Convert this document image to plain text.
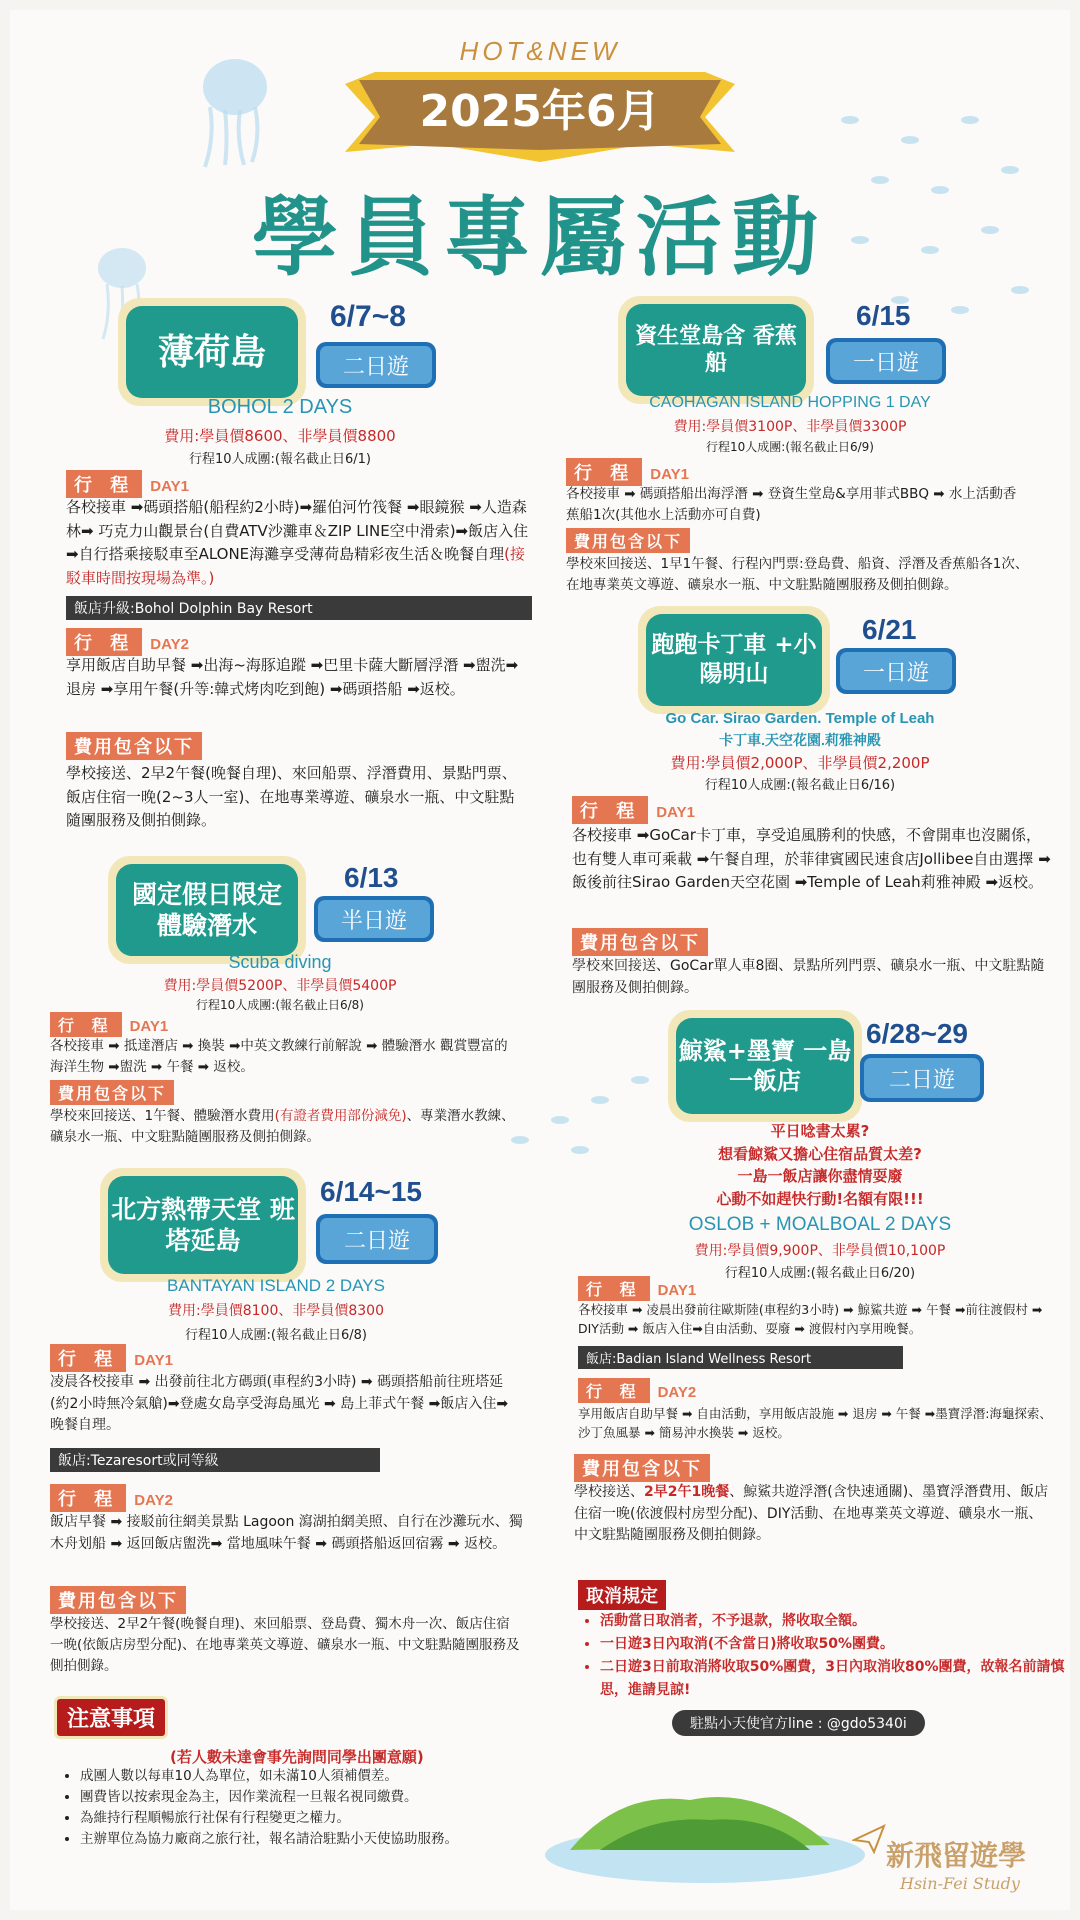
HOT&NEW
2025年6月
學員專屬活動
薄荷島
6/7~8
二日遊
BOHOL 2 DAYS
費用:學員價8600、非學員價8800
行程10人成團:(報名截止日6/1)
行 程 DAY1
各校接車 ➡碼頭搭船(船程約2小時)➡羅伯河竹筏餐 ➡眼鏡猴 ➡人造森林➡ 巧克力山觀景台(自費ATV沙灘車＆ZIP LINE空中滑索)➡飯店入住 ➡自行搭乘接駁車至ALONE海灘享受薄荷島精彩夜生活＆晚餐自理(接駁車時間按現場為準。)
飯店升級:Bohol Dolphin Bay Resort
行 程 DAY2
享用飯店自助早餐 ➡出海~海豚追蹤 ➡巴里卡薩大斷層浮潛 ➡盥洗➡ 退房 ➡享用午餐(升等:韓式烤肉吃到飽) ➡碼頭搭船 ➡返校。
費用包含以下
學校接送、2早2午餐(晚餐自理)、來回船票、浮潛費用、景點門票、飯店住宿一晚(2~3人一室)、在地專業導遊、礦泉水一瓶、中文駐點隨團服務及側拍側錄。
國定假日限定 體驗潛水
6/13
半日遊
Scuba diving
費用:學員價5200P、非學員價5400P
行程10人成團:(報名截止日6/8)
行 程 DAY1
各校接車 ➡ 抵達潛店 ➡ 換裝 ➡中英文教練行前解說 ➡ 體驗潛水 觀賞豐富的海洋生物 ➡盥洗 ➡ 午餐 ➡ 返校。
費用包含以下
學校來回接送、1午餐、體驗潛水費用(有證者費用部份減免)、專業潛水教練、礦泉水一瓶、中文駐點隨團服務及側拍側錄。
北方熱帶天堂 班塔延島
6/14~15
二日遊
BANTAYAN ISLAND 2 DAYS
費用:學員價8100、非學員價8300
行程10人成團:(報名截止日6/8)
行 程 DAY1
凌晨各校接車 ➡ 出發前往北方碼頭(車程約3小時) ➡ 碼頭搭船前往班塔延(約2小時無冷氣艙)➡登處女島享受海島風光 ➡ 島上菲式午餐 ➡飯店入住➡ 晚餐自理。
飯店:Tezaresort或同等級
行 程 DAY2
飯店早餐 ➡ 接駁前往網美景點 Lagoon 瀉湖拍網美照、自行在沙灘玩水、獨木舟划船 ➡ 返回飯店盥洗➡ 當地風味午餐 ➡ 碼頭搭船返回宿霧 ➡ 返校。
費用包含以下
學校接送、2早2午餐(晚餐自理)、來回船票、登島費、獨木舟一次、飯店住宿一晚(依飯店房型分配)、在地專業英文導遊、礦泉水一瓶、中文駐點隨團服務及側拍側錄。
注意事項
(若人數未達會事先詢問同學出團意願)
• 成團人數以每車10人為單位，如未滿10人須補價差。
• 團費皆以按索現金為主，因作業流程一旦報名視同繳費。
• 為維持行程順暢旅行社保有行程變更之權力。
• 主辦單位為協力廠商之旅行社，報名請洽駐點小天使協助服務。
資生堂島含 香蕉船
6/15
一日遊
CAOHAGAN ISLAND HOPPING 1 DAY
費用:學員價3100P、非學員價3300P
行程10人成團:(報名截止日6/9)
行 程 DAY1
各校接車 ➡ 碼頭搭船出海浮潛 ➡ 登資生堂島&享用菲式BBQ ➡ 水上活動香蕉船1次(其他水上活動亦可自費)
費用包含以下
學校來回接送、1早1午餐、行程內門票:登島費、船資、浮潛及香蕉船各1次、在地專業英文導遊、礦泉水一瓶、中文駐點隨團服務及側拍側錄。
跑跑卡丁車 +小陽明山
6/21
一日遊
Go Car. Sirao Garden. Temple of Leah
卡丁車.天空花園.莉雅神殿
費用:學員價2,000P、非學員價2,200P
行程10人成團:(報名截止日6/16)
行 程 DAY1
各校接車 ➡GoCar卡丁車，享受追風勝利的快感，不會開車也沒關係，也有雙人車可乘載 ➡午餐自理，於菲律賓國民速食店Jollibee自由選擇 ➡飯後前往Sirao Garden天空花園 ➡Temple of Leah莉雅神殿 ➡返校。
費用包含以下
學校來回接送、GoCar單人車8圈、景點所列門票、礦泉水一瓶、中文駐點隨團服務及側拍側錄。
鯨鯊+墨寶 一島一飯店
6/28~29
二日遊
平日唸書太累?
想看鯨鯊又擔心住宿品質太差?
一島一飯店讓你盡情耍廢
心動不如趕快行動!名額有限!!!
OSLOB + MOALBOAL 2 DAYS
費用:學員價9,900P、非學員價10,100P
行程10人成團:(報名截止日6/20)
行 程 DAY1
各校接車 ➡ 凌晨出發前往歐斯陸(車程約3小時) ➡ 鯨鯊共遊 ➡ 午餐 ➡前往渡假村 ➡ DIY活動 ➡ 飯店入住➡自由活動、耍廢 ➡ 渡假村內享用晚餐。
飯店:Badian Island Wellness Resort
行 程 DAY2
享用飯店自助早餐 ➡ 自由活動，享用飯店設施 ➡ 退房 ➡ 午餐 ➡墨寶浮潛:海龜探索、沙丁魚風暴 ➡ 簡易沖水換裝 ➡ 返校。
費用包含以下
學校接送、2早2午1晚餐、鯨鯊共遊浮潛(含快速通關)、墨寶浮潛費用、飯店住宿一晚(依渡假村房型分配)、DIY活動、在地專業英文導遊、礦泉水一瓶、中文駐點隨團服務及側拍側錄。
取消規定
• 活動當日取消者，不予退款，將收取全額。
• 一日遊3日內取消(不含當日)將收取50%團費。
• 二日遊3日前取消將收取50%團費，3日內取消收80%團費，故報名前請慎思，進請見諒!
駐點小天使官方line : @gdo5340i
新飛留遊學
Hsin-Fei Study
